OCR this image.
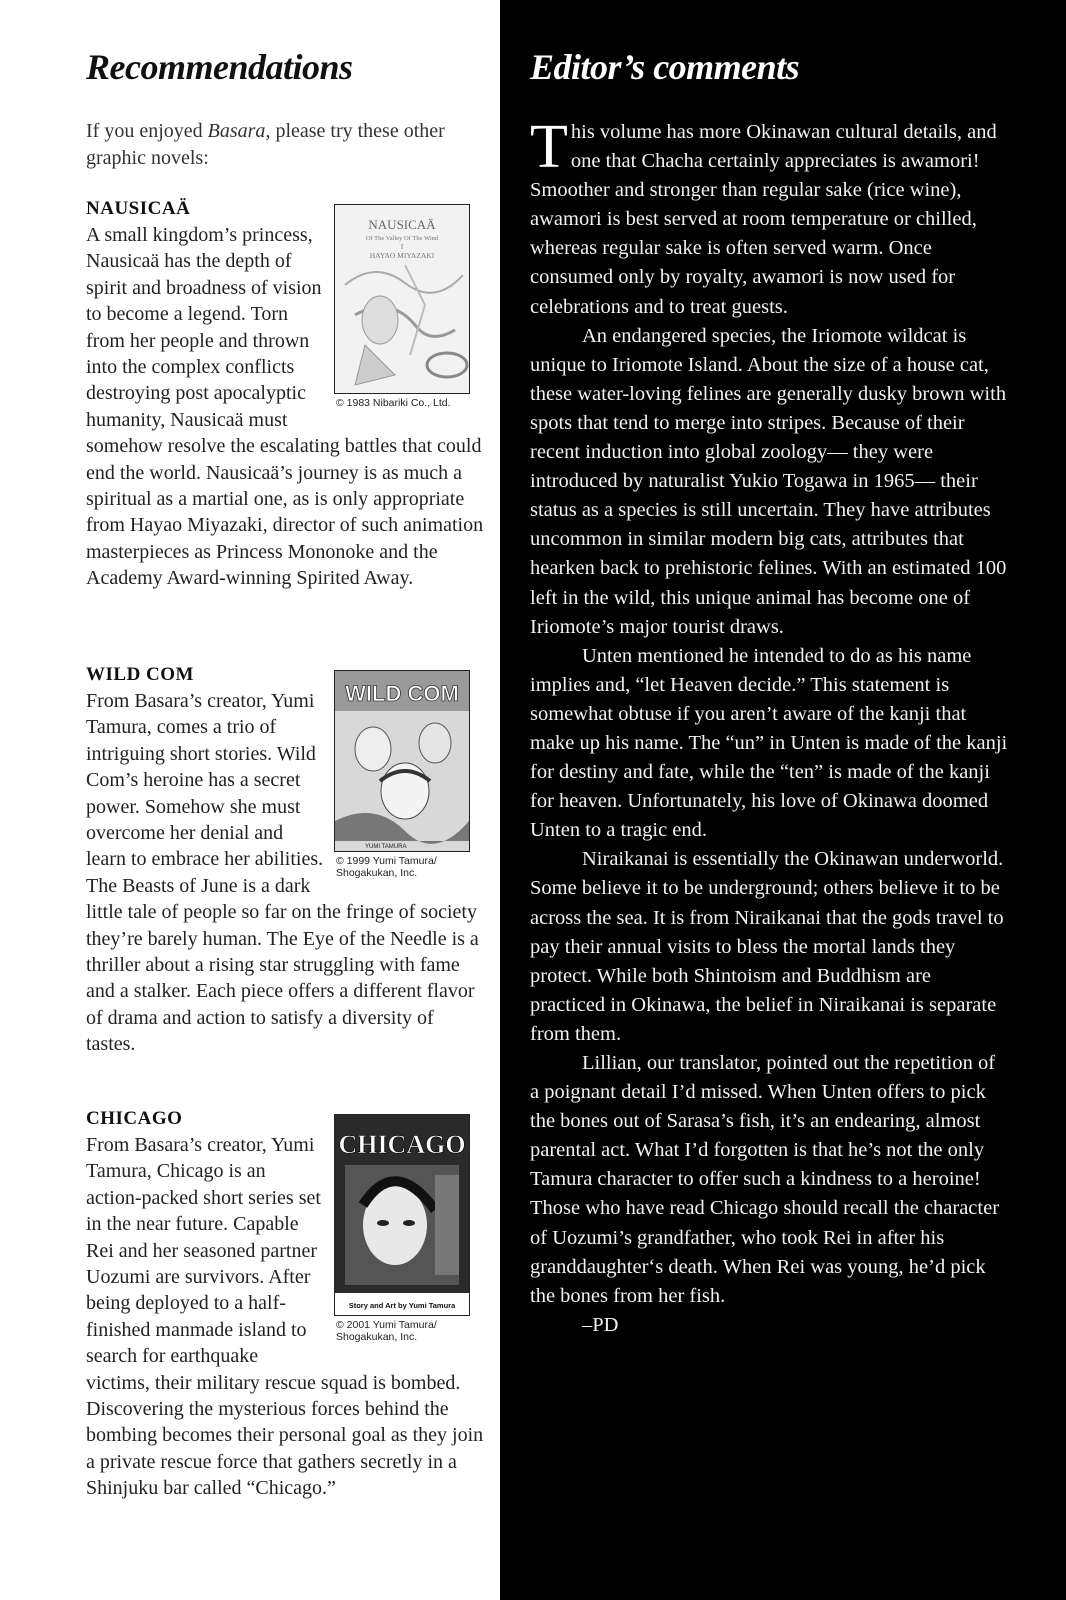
Recommendations

If you enjoyed Basara, please try these other graphic novels:

NAUSICAÄ
NAUSICAÄ
Of The Valley Of The Wind
I
HAYAO MIYAZAKI
© 1983 Nibariki Co., Ltd.

A small kingdom’s princess, Nausicaä has the depth of spirit and broadness of vision to become a legend. Torn from her people and thrown into the complex conflicts destroying post apocalyptic humanity, Nausicaä must somehow resolve the escalating battles that could end the world. Nausicaä’s journey is as much a spiritual as a martial one, as is only appropriate from Hayao Miyazaki, director of such animation masterpieces as Princess Mononoke and the Academy Award-winning Spirited Away.

WILD COM
WILD COM
YUMI TAMURA
© 1999 Yumi Tamura/ Shogakukan, Inc.

From Basara’s creator, Yumi Tamura, comes a trio of intriguing short stories. Wild Com’s heroine has a secret power. Somehow she must overcome her denial and learn to embrace her abilities. The Beasts of June is a dark little tale of people so far on the fringe of society they’re barely human. The Eye of the Needle is a thriller about a rising star struggling with fame and a stalker. Each piece offers a different flavor of drama and action to satisfy a diversity of tastes.

CHICAGO
CHICAGO
Story and Art by Yumi Tamura
© 2001 Yumi Tamura/ Shogakukan, Inc.

From Basara’s creator, Yumi Tamura, Chicago is an action-packed short series set in the near future. Capable Rei and her seasoned partner Uozumi are survivors. After being deployed to a half-finished manmade island to search for earthquake victims, their military rescue squad is bombed. Discovering the mysterious forces behind the bombing becomes their personal goal as they join a private rescue force that gathers secretly in a Shinjuku bar called “Chicago.”

Editor’s comments

This volume has more Okinawan cultural details, and one that Chacha certainly appreciates is awamori! Smoother and stronger than regular sake (rice wine), awamori is best served at room temperature or chilled, whereas regular sake is often served warm. Once consumed only by royalty, awamori is now used for celebrations and to treat guests.

An endangered species, the Iriomote wildcat is unique to Iriomote Island. About the size of a house cat, these water-loving felines are generally dusky brown with spots that tend to merge into stripes. Because of their recent induction into global zoology— they were introduced by naturalist Yukio Togawa in 1965— their status as a species is still uncertain. They have attributes uncommon in similar modern big cats, attributes that hearken back to prehistoric felines. With an estimated 100 left in the wild, this unique animal has become one of Iriomote’s major tourist draws.

Unten mentioned he intended to do as his name implies and, “let Heaven decide.” This statement is somewhat obtuse if you aren’t aware of the kanji that make up his name. The “un” in Unten is made of the kanji for destiny and fate, while the “ten” is made of the kanji for heaven. Unfortunately, his love of Okinawa doomed Unten to a tragic end.

Niraikanai is essentially the Okinawan underworld. Some believe it to be underground; others believe it to be across the sea. It is from Niraikanai that the gods travel to pay their annual visits to bless the mortal lands they protect. While both Shintoism and Buddhism are practiced in Okinawa, the belief in Niraikanai is separate from them.

Lillian, our translator, pointed out the repetition of a poignant detail I’d missed. When Unten offers to pick the bones out of Sarasa’s fish, it’s an endearing, almost parental act. What I’d forgotten is that he’s not the only Tamura character to offer such a kindness to a heroine! Those who have read Chicago should recall the character of Uozumi’s grandfather, who took Rei in after his granddaughter‘s death. When Rei was young, he’d pick the bones from her fish.

–PD
